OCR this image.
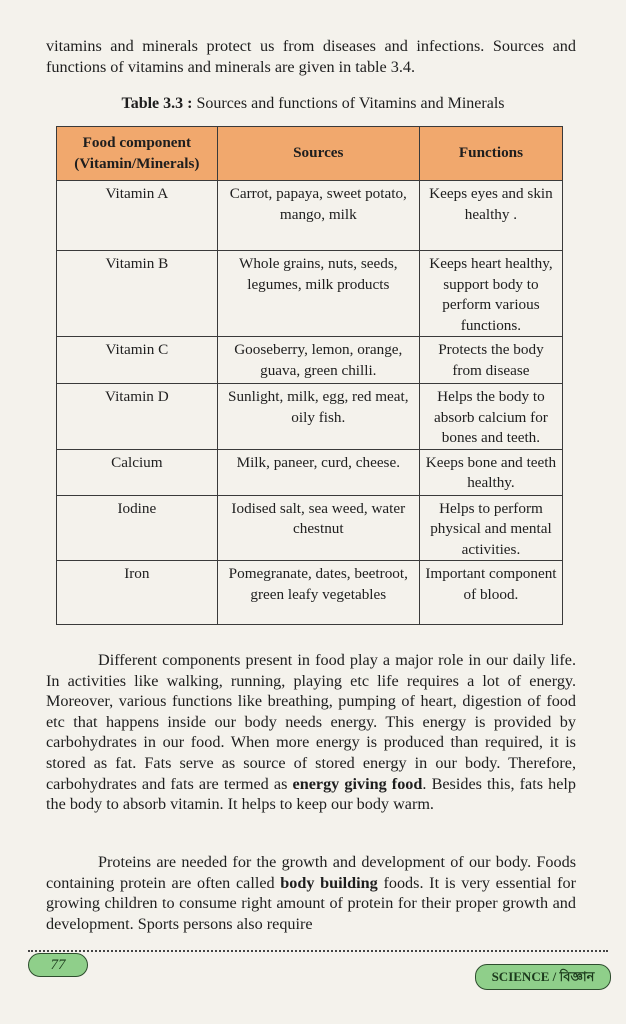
vitamins and minerals protect us from diseases and infections. Sources and functions of vitamins and minerals are given in table 3.4.

Table 3.3 : Sources and functions of Vitamins and Minerals

Food component
(Vitamin/Minerals)	Sources	Functions
Vitamin A	Carrot, papaya, sweet potato, mango, milk	Keeps eyes and skin healthy .
Vitamin B	Whole grains, nuts, seeds, legumes, milk products	Keeps heart healthy, support body to perform various functions.
Vitamin C	Gooseberry, lemon, orange, guava, green chilli.	Protects the body from disease
Vitamin D	Sunlight, milk, egg, red meat, oily fish.	Helps the body to absorb calcium for bones and teeth.
Calcium	Milk, paneer, curd, cheese.	Keeps bone and teeth healthy.
Iodine	Iodised salt, sea weed, water chestnut	Helps to perform physical and mental activities.
Iron	Pomegranate, dates, beetroot, green leafy vegetables	Important component of blood.

Different components present in food play a major role in our daily life. In activities like walking, running, playing etc life requires a lot of energy. Moreover, various functions like breathing, pumping of heart, digestion of food etc that happens inside our body needs energy. This energy is provided by carbohydrates in our food. When more energy is produced than required, it is stored as fat. Fats serve as source of stored energy in our body. Therefore, carbohydrates and fats are termed as energy giving food. Besides this, fats help the body to absorb vitamin. It helps to keep our body warm.

Proteins are needed for the growth and development of our body. Foods containing protein are often called body building foods. It is very essential for growing children to consume right amount of protein for their proper growth and development. Sports persons also require

77
SCIENCE / বিজ্ঞান
